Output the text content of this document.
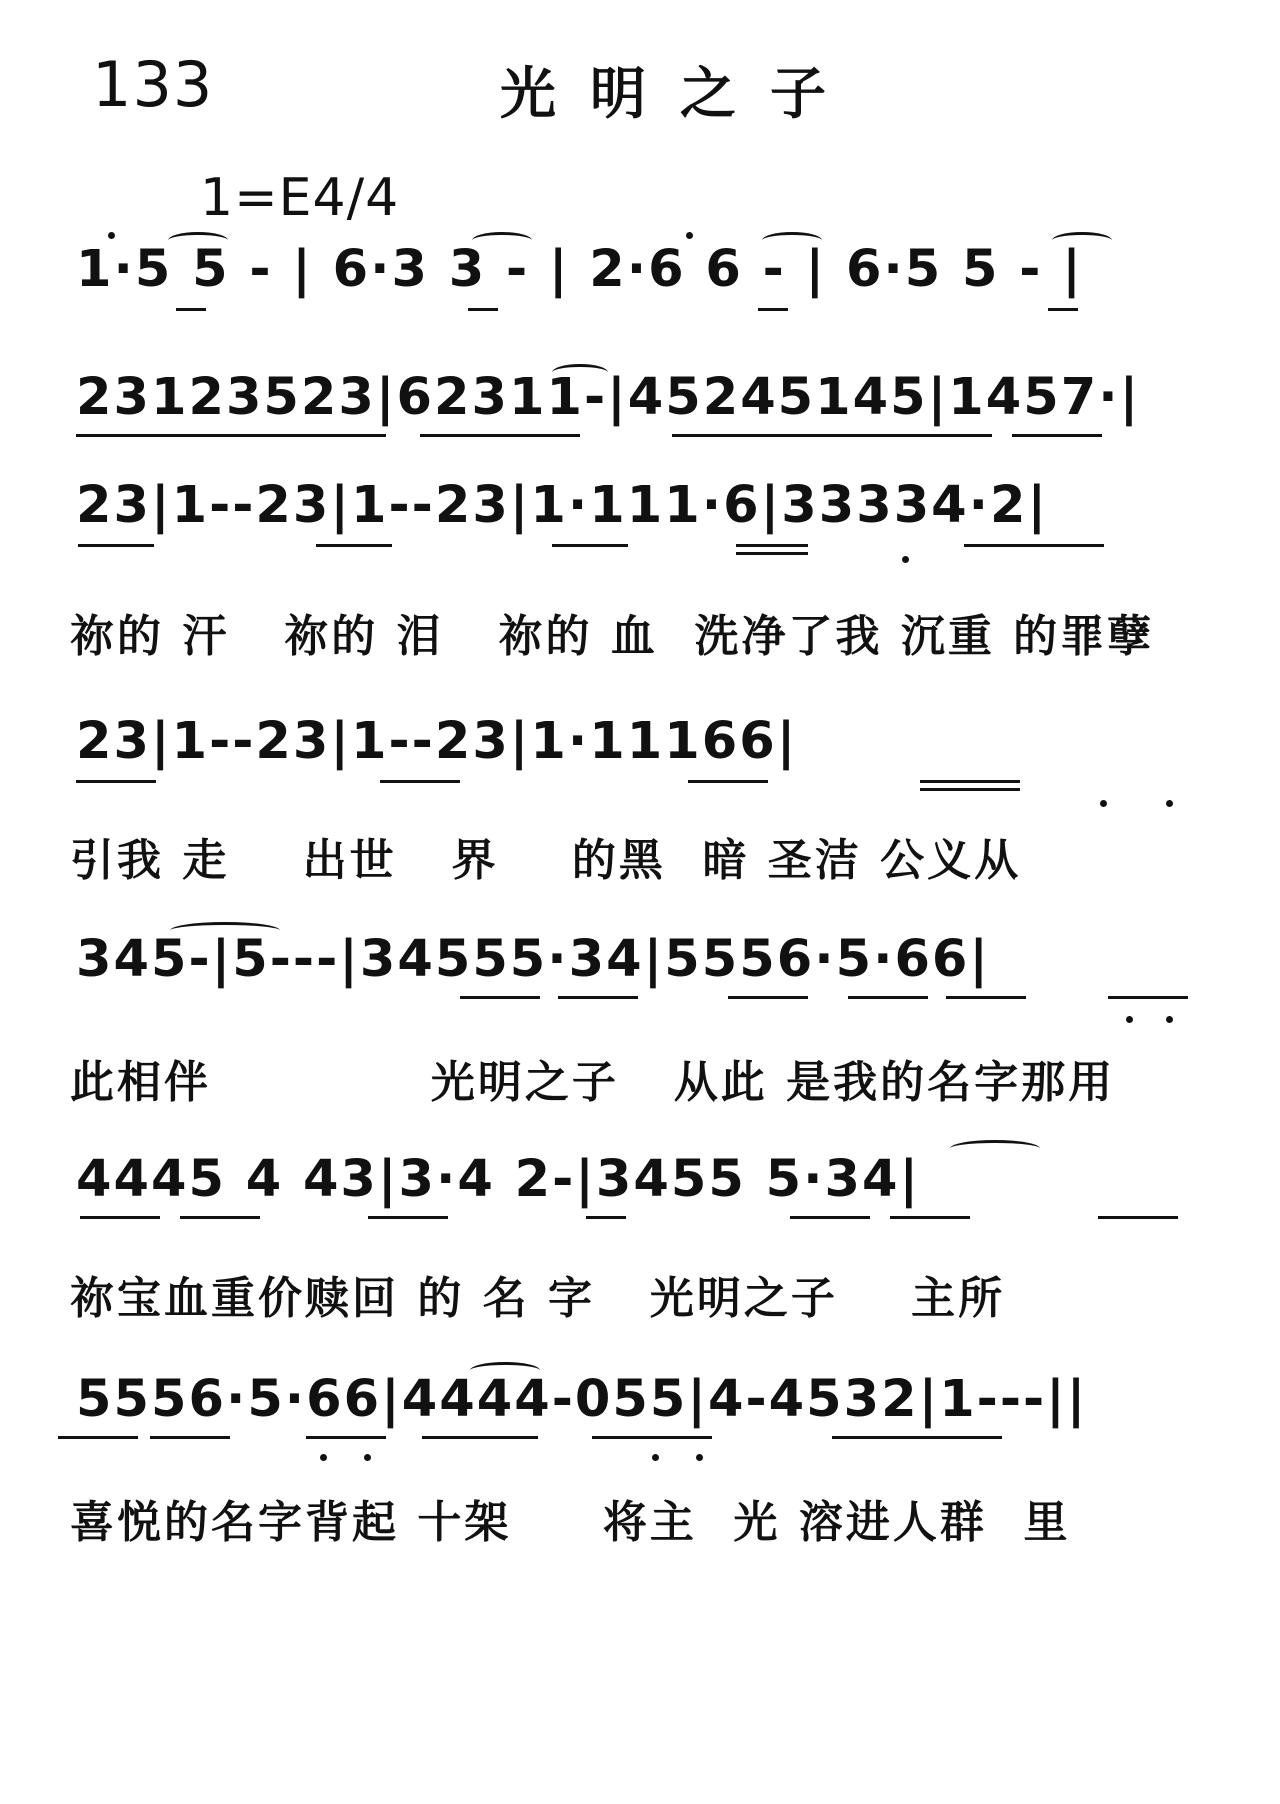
133	光明之子
1=E4/4
1·5 5 - | 6·3 3 - | 2·6 6 - | 6·5 5 - |
23123523|62311-|45245145|1457·|
23|1--23|1--23|1·111·6|33334·2|
祢的 汗   祢的 泪   祢的 血  洗净了我 沉重 的罪孽
23|1--23|1--23|1·11166|
引我 走    出世   界    的黑  暗 圣洁 公义从
345-|5---|34555·34|5556·5·66|
此相伴            光明之子   从此 是我的名字那用
4445 4 43|3·4 2-|3455 5·34|
祢宝血重价赎回 的 名 字   光明之子    主所
5556·5·66|4444-055|4-4532|1---||
喜悦的名字背起 十架     将主  光 溶进人群  里
